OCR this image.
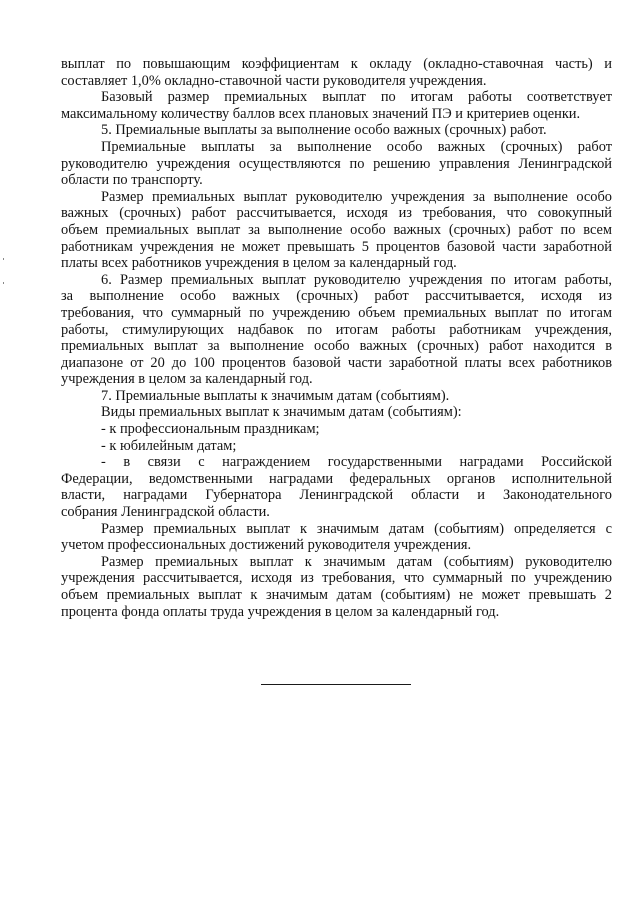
выплат по повышающим коэффициентам к окладу (окладно-ставочная часть) и

составляет 1,0% окладно-ставочной части руководителя учреждения.

Базовый размер премиальных выплат по итогам работы соответствует

максимальному количеству баллов всех плановых значений ПЭ и критериев оценки.

5. Премиальные выплаты за выполнение особо важных (срочных) работ.

Премиальные выплаты за выполнение особо важных (срочных) работ

руководителю учреждения осуществляются по решению управления Ленинградской

области по транспорту.

Размер премиальных выплат руководителю учреждения за выполнение особо

важных (срочных) работ рассчитывается, исходя из требования, что совокупный

объем премиальных выплат за выполнение особо важных (срочных) работ по всем

работникам учреждения не может превышать 5 процентов базовой части заработной

платы всех работников учреждения в целом за календарный год.

6. Размер премиальных выплат руководителю учреждения по итогам работы,

за выполнение особо важных (срочных) работ рассчитывается, исходя из

требования, что суммарный по учреждению объем премиальных выплат по итогам

работы, стимулирующих надбавок по итогам работы работникам учреждения,

премиальных выплат за выполнение особо важных (срочных) работ находится в

диапазоне от 20 до 100 процентов базовой части заработной платы всех работников

учреждения в целом за календарный год.

7. Премиальные выплаты к значимым датам (событиям).

Виды премиальных выплат к значимым датам (событиям):

- к профессиональным праздникам;

- к юбилейным датам;

- в связи с награждением государственными наградами Российской

Федерации, ведомственными наградами федеральных органов исполнительной

власти, наградами Губернатора Ленинградской области и Законодательного

собрания Ленинградской области.

Размер премиальных выплат к значимым датам (событиям) определяется с

учетом профессиональных достижений руководителя учреждения.

Размер премиальных выплат к значимым датам (событиям) руководителю

учреждения рассчитывается, исходя из требования, что суммарный по учреждению

объем премиальных выплат к значимым датам (событиям) не может превышать 2

процента фонда оплаты труда учреждения в целом за календарный год.
